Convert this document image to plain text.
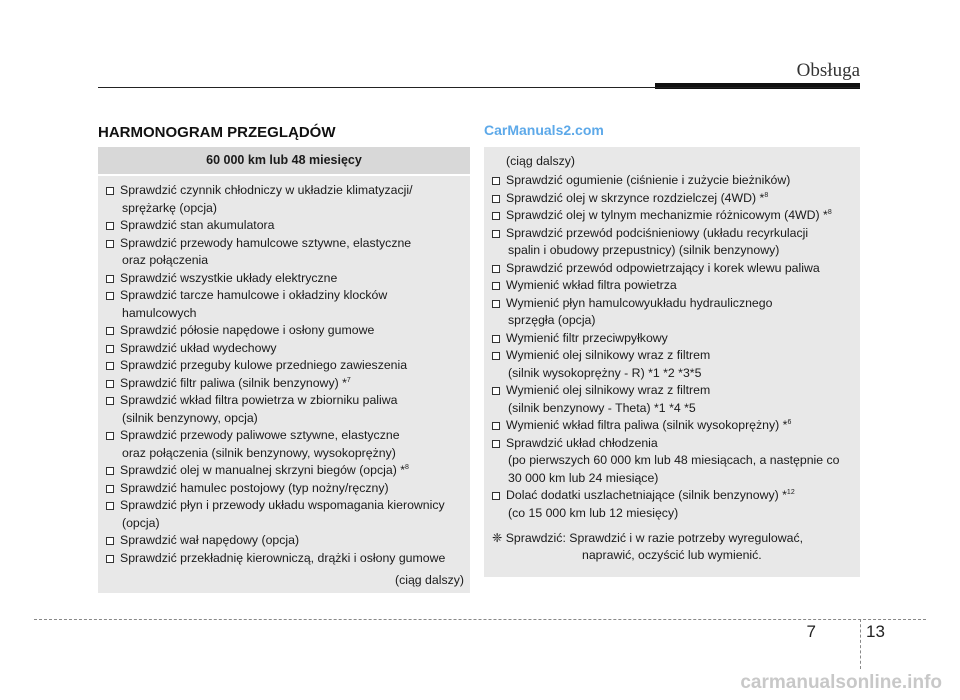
Obsługa
HARMONOGRAM PRZEGLĄDÓW	CarManuals2.com
60 000 km lub 48 miesięcy
Sprawdzić czynnik chłodniczy w układzie klimatyzacji/
sprężarkę (opcja)
Sprawdzić stan akumulatora
Sprawdzić przewody hamulcowe sztywne, elastyczne
oraz połączenia
Sprawdzić wszystkie układy elektryczne
Sprawdzić tarcze hamulcowe i okładziny klocków
hamulcowych
Sprawdzić półosie napędowe i osłony gumowe
Sprawdzić układ wydechowy
Sprawdzić przeguby kulowe przedniego zawieszenia
Sprawdzić filtr paliwa (silnik benzynowy) *$^7$
Sprawdzić wkład filtra powietrza w zbiorniku paliwa
(silnik benzynowy, opcja)
Sprawdzić przewody paliwowe sztywne, elastyczne
oraz połączenia (silnik benzynowy, wysokoprężny)
Sprawdzić olej w manualnej skrzyni biegów (opcja) *$^8$
Sprawdzić hamulec postojowy (typ nożny/ręczny)
Sprawdzić płyn i przewody układu wspomagania kierownicy
(opcja)
Sprawdzić wał napędowy (opcja)
Sprawdzić przekładnię kierowniczą, drążki i osłony gumowe
(ciąg dalszy)
(ciąg dalszy)
Sprawdzić ogumienie (ciśnienie i zużycie bieżników)
Sprawdzić olej w skrzynce rozdzielczej (4WD) *$^8$
Sprawdzić olej w tylnym mechanizmie różnicowym (4WD) *$^8$
Sprawdzić przewód podciśnieniowy (układu recyrkulacji
spalin i obudowy przepustnicy) (silnik benzynowy)
Sprawdzić przewód odpowietrzający i korek wlewu paliwa
Wymienić wkład filtra powietrza
Wymienić płyn hamulcowyukładu hydraulicznego
sprzęgła (opcja)
Wymienić filtr przeciwpyłkowy
Wymienić olej silnikowy wraz z filtrem
(silnik wysokoprężny - R) *1 *2 *3*5
Wymienić olej silnikowy wraz z filtrem
(silnik benzynowy - Theta) *1 *4 *5
Wymienić wkład filtra paliwa (silnik wysokoprężny) *$^6$
Sprawdzić układ chłodzenia
(po pierwszych 60 000 km lub 48 miesiącach, a następnie co 30 000 km lub 24 miesiące)
Dolać dodatki uszlachetniające (silnik benzynowy) *$^{12}$
(co 15 000 km lub 12 miesięcy)
❈ Sprawdzić: Sprawdzić i w razie potrzeby wyregulować,
naprawić, oczyścić lub wymienić.
7	13
carmanualsonline.info
